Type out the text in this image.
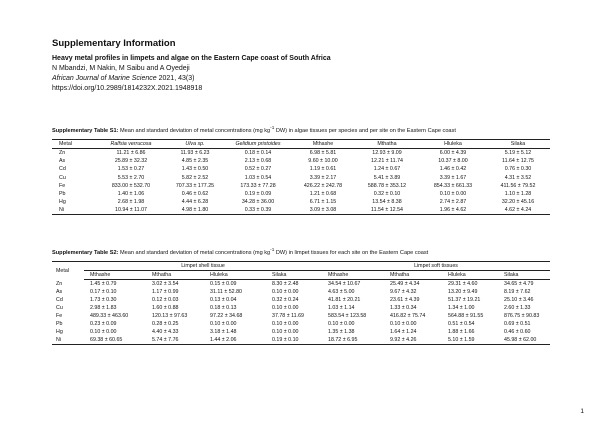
Supplementary Information
Heavy metal profiles in limpets and algae on the Eastern Cape coast of South Africa
N Mbandzi, M Nakin, M Saibu and A Oyedeji
African Journal of Marine Science 2021, 43(3)
https://doi.org/10.2989/1814232X.2021.1948918
Supplementary Table S1: Mean and standard deviation of metal concentrations (mg $kg^{-1}$ DW) in algae tissues per species and per site on the Eastern Cape coast
Metal	Ralfsia verrucosa	Ulva sp.	Gelidium pristoides	Mthashe	Mthatha	Hluleka	Silaka
Zn	11.21 ± 6.86	11.93 ± 6.23	0.18 ± 0.14	6.98 ± 5.81	12.93 ± 9.09	6.00 ± 4.39	5.19 ± 5.12
As	25.89 ± 32.32	4.85 ± 2.35	2.13 ± 0.68	9.60 ± 10.00	12.21 ± 11.74	10.37 ± 8.00	11.64 ± 12.75
Cd	1.53 ± 0.27	1.43 ± 0.50	0.52 ± 0.27	1.19 ± 0.61	1.24 ± 0.67	1.46 ± 0.42	0.76 ± 0.30
Cu	5.53 ± 2.70	5.82 ± 2.52	1.03 ± 0.54	3.39 ± 2.17	5.41 ± 3.89	3.39 ± 1.67	4.31 ± 3.52
Fe	833.00 ± 532.70	707.33 ± 177.25	173.33 ± 77.28	426.22 ± 242.78	588.78 ± 353.12	854.33 ± 661.33	411.56 ± 79.52
Pb	1.40 ± 1.06	0.46 ± 0.62	0.19 ± 0.09	1.21 ± 0.68	0.32 ± 0.10	0.10 ± 0.00	1.10 ± 1.28
Hg	2.68 ± 1.98	4.44 ± 6.28	34.28 ± 36.00	6.71 ± 1.15	13.54 ± 8.38	2.74 ± 2.87	32.20 ± 45.16
Ni	10.94 ± 11.07	4.98 ± 1.80	0.33 ± 0.39	3.09 ± 3.08	11.54 ± 12.54	1.96 ± 4.62	4.62 ± 4.24
Supplementary Table S2: Mean and standard deviation of metal concentrations (mg $kg^{-1}$ DW) in limpet tissues for each site on the Eastern Cape coast
Metal	Limpet shell tissue				Limpet soft tissues			
	Mthashe	Mthatha	Hluleka	Silaka	Mthashe	Mthatha	Hluleka	Silaka
Zn	1.45 ± 0.79	3.02 ± 3.54	0.15 ± 0.09	8.30 ± 2.48	34.54 ± 10.67	25.49 ± 4.34	29.31 ± 4.60	34.65 ± 4.79
As	0.17 ± 0.10	1.17 ± 0.99	31.11 ± 52.80	0.10 ± 0.00	4.63 ± 5.00	9.67 ± 4.32	13.20 ± 9.49	8.19 ± 7.62
Cd	1.73 ± 0.30	0.12 ± 0.03	0.13 ± 0.04	0.32 ± 0.24	41.81 ± 20.21	23.61 ± 4.39	51.37 ± 19.21	25.10 ± 3.46
Cu	2.98 ± 1.83	1.60 ± 0.88	0.18 ± 0.13	0.10 ± 0.00	1.03 ± 1.14	1.33 ± 0.34	1.34 ± 1.00	2.60 ± 1.33
Fe	489.33 ± 463.60	120.13 ± 97.63	97.22 ± 34.68	37.78 ± 11.69	583.54 ± 123.58	416.82 ± 75.74	564.88 ± 91.55	876.75 ± 90.83
Pb	0.23 ± 0.09	0.28 ± 0.25	0.10 ± 0.00	0.10 ± 0.00	0.10 ± 0.00	0.10 ± 0.00	0.51 ± 0.54	0.69 ± 0.51
Hg	0.10 ± 0.00	4.40 ± 4.33	3.18 ± 1.48	0.10 ± 0.00	1.35 ± 1.38	1.64 ± 1.24	1.88 ± 1.66	0.46 ± 0.60
Ni	69.38 ± 60.65	5.74 ± 7.76	1.44 ± 2.06	0.19 ± 0.10	18.72 ± 6.95	9.92 ± 4.26	5.10 ± 1.59	45.98 ± 62.00
1
